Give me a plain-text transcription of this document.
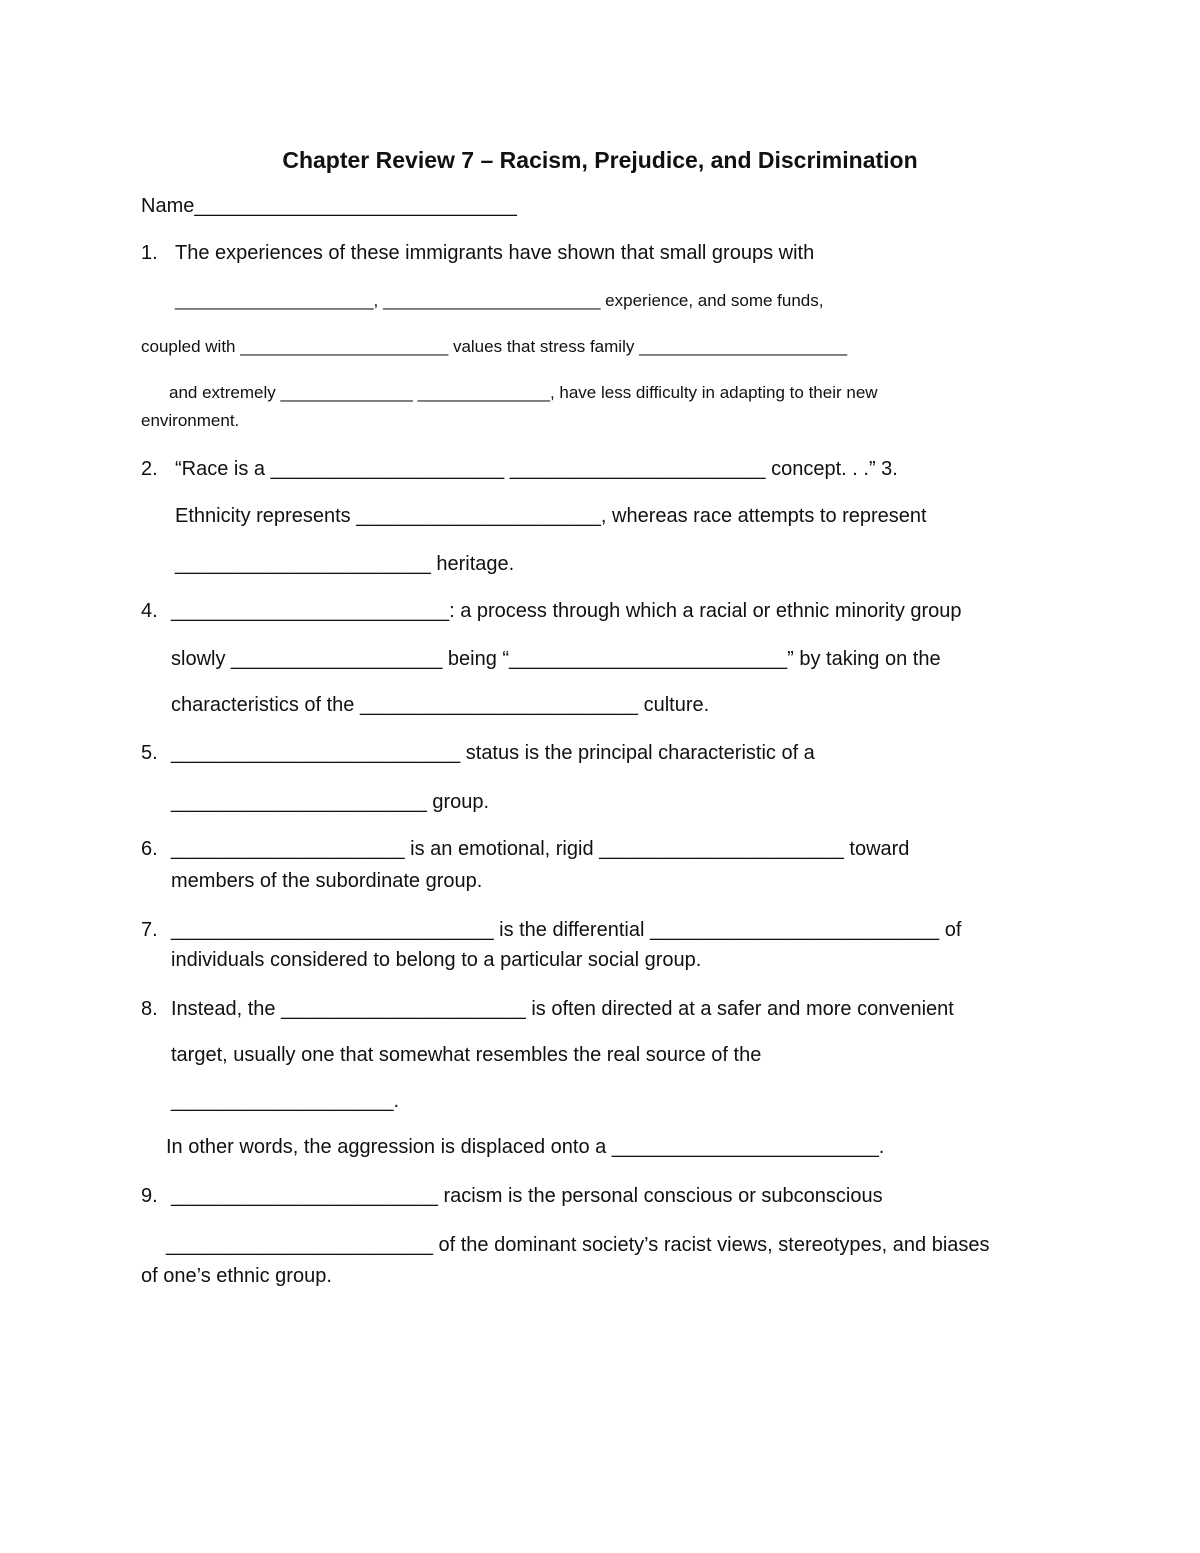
Chapter Review 7 – Racism, Prejudice, and Discrimination
Name_____________________________
1. The experiences of these immigrants have shown that small groups with
_____________________, _______________________ experience, and some funds,
coupled with ______________________ values that stress family ______________________
and extremely ______________ ______________, have less difficulty in adapting to their new
environment.
2. “Race is a _____________________ _______________________ concept. . .” 3.
Ethnicity represents ______________________, whereas race attempts to represent
_______________________ heritage.
4. _________________________: a process through which a racial or ethnic minority group
slowly ___________________ being “_________________________” by taking on the
characteristics of the _________________________ culture.
5. __________________________ status is the principal characteristic of a
_______________________ group.
6. _____________________ is an emotional, rigid ______________________ toward
members of the subordinate group.
7. _____________________________ is the differential __________________________ of
individuals considered to belong to a particular social group.
8. Instead, the ______________________ is often directed at a safer and more convenient
target, usually one that somewhat resembles the real source of the
____________________.
In other words, the aggression is displaced onto a ________________________.
9. ________________________ racism is the personal conscious or subconscious
________________________ of the dominant society’s racist views, stereotypes, and biases
of one’s ethnic group.
